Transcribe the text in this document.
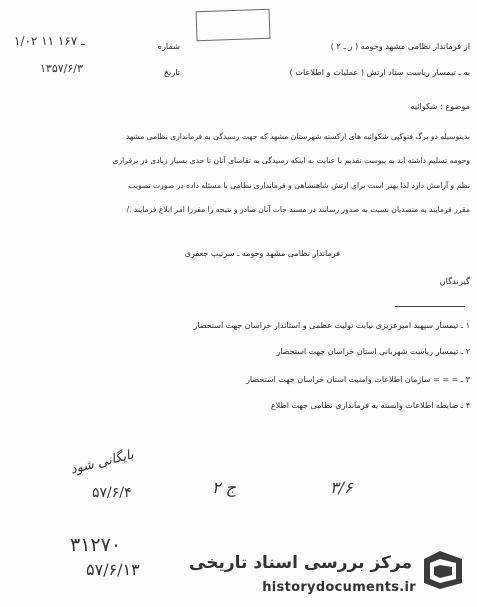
از فرماندار نظامی مشهد وحومه ( ر ـ ۲ )
به ـ تیمسار ریاست ستاد ارتش ( عملیات و اطلاعات )
شماره
۱/۰۲ ۱۱ ـ ۱۶۷
تاریخ
۱۳۵۷/۶/۳
موضوع : شکوائیه
بدینوسیله دو برگ فتوکپی شکوائیه های ارکسته شهرستان مشهد که جهت رسیدگی به فرمانداری نظامی مشهد
وحومه تسلیم داشته اند به پیوست تقدیم با عنایت به اینکه رسیدگی به تقاضای آنان تا حدی بسیار زیادی در برقراری
نظم و آرامش دارد لذا بهتر است برای ارتش شاهنشاهی و فرمانداری نظامی با مسئله داده در صورت تصویب
مقرر فرمایند به متصدیان نسبت به صدور رسانند در مسند جات آنان صادر و نتیجه را مقررا امر ابلاغ فرمایند ./
فرماندار نظامی مشهد وحومه ـ سرتیپ جعفری
گیرندگان
۱ ـ تیمسار سپهبد امیرعزیزی نیابت تولیت عظمی و استاندار خراسان جهت استحضار
۲ ـ تیمسار ریاست شهربانی استان خراسان جهت استحضار
۳ ـ = = = سازمان اطلاعات وامنیت استان خراسان جهت استحضار
۴ ـ ضابطه اطلاعات وابسته به فرمانداری نظامی جهت اطلاع
بایگانی شود
۵۷/۶/۴	ج ۲	۳/۶
۳۱۲۷۰
۵۷/۶/۱۳	مرکز بررسی اسناد تاریخی
historydocuments.ir
